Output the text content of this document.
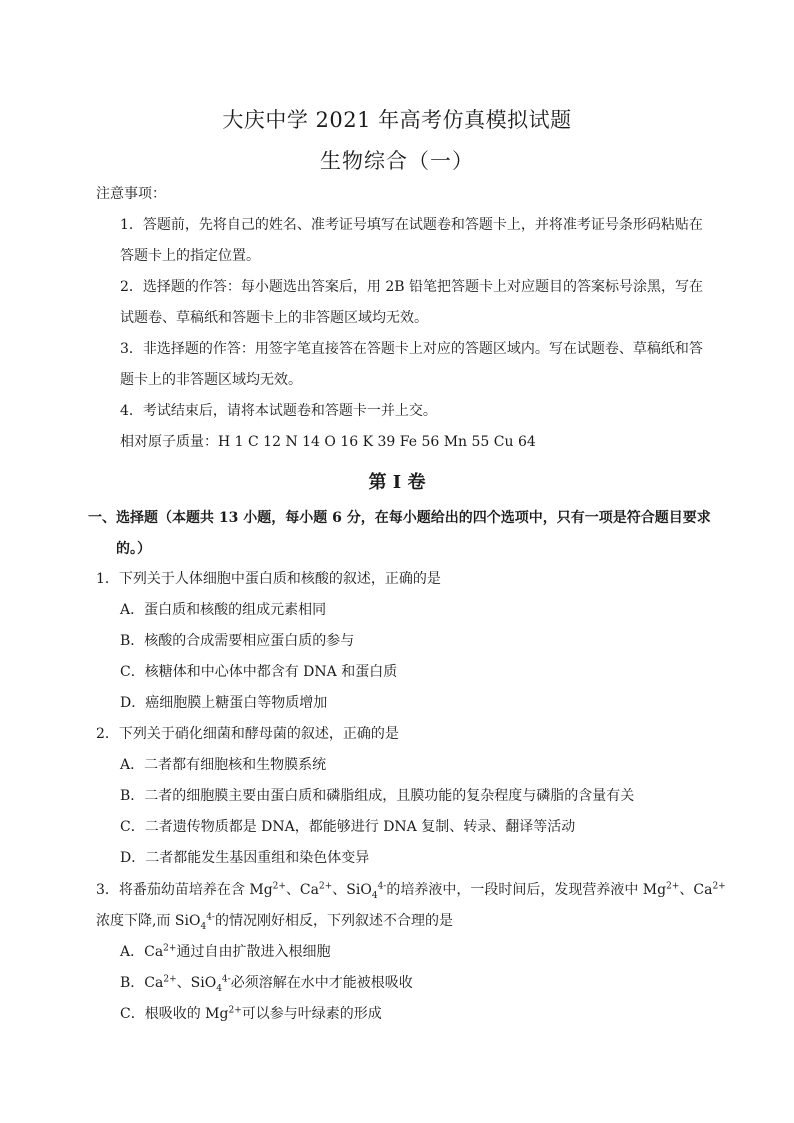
大庆中学 2021 年高考仿真模拟试题
生物综合（一）
注意事项：
1．答题前，先将自己的姓名、准考证号填写在试题卷和答题卡上，并将准考证号条形码粘贴在
答题卡上的指定位置。
2．选择题的作答：每小题选出答案后，用 2B 铅笔把答题卡上对应题目的答案标号涂黑，写在
试题卷、草稿纸和答题卡上的非答题区域均无效。
3．非选择题的作答：用签字笔直接答在答题卡上对应的答题区域内。写在试题卷、草稿纸和答
题卡上的非答题区域均无效。
4．考试结束后，请将本试题卷和答题卡一并上交。
相对原子质量：H 1 C 12 N 14 O 16 K 39 Fe 56 Mn 55 Cu 64
第 I 卷
一、选择题（本题共 13 小题，每小题 6 分，在每小题给出的四个选项中，只有一项是符合题目要求
的。）
1．下列关于人体细胞中蛋白质和核酸的叙述，正确的是
A．蛋白质和核酸的组成元素相同
B．核酸的合成需要相应蛋白质的参与
C．核糖体和中心体中都含有 DNA 和蛋白质
D．癌细胞膜上糖蛋白等物质增加
2．下列关于硝化细菌和酵母菌的叙述，正确的是
A．二者都有细胞核和生物膜系统
B．二者的细胞膜主要由蛋白质和磷脂组成，且膜功能的复杂程度与磷脂的含量有关
C．二者遗传物质都是 DNA，都能够进行 DNA 复制、转录、翻译等活动
D．二者都能发生基因重组和染色体变异
3．将番茄幼苗培养在含 $Mg^{2+}$、$Ca^{2+}$、SiO$_4^{4-}$的培养液中，一段时间后，发现营养液中 $Mg^{2+}$、$Ca^{2+}$
浓度下降,而 SiO$_4^{4-}$的情况刚好相反，下列叙述不合理的是
A．$Ca^{2+}$通过自由扩散进入根细胞
B．$Ca^{2+}$、SiO$_4^{4-}$必须溶解在水中才能被根吸收
C．根吸收的 $Mg^{2+}$可以参与叶绿素的形成
